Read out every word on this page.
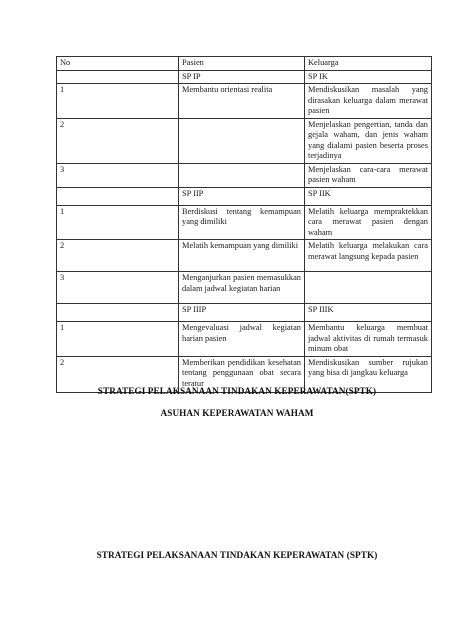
No	Pasien	Keluarga
	SP IP	SP IK
1	Membantu orientasi realita	Mendiskusikan masalah yang dirasakan keluarga dalam merawat pasien
2		Menjelaskan pengertian, tanda dan gejala waham, dan jenis waham yang dialami pasien beserta proses terjadinya
3		Menjelaskan cara-cara merawat pasien waham
	SP IIP	SP IIK
1	Berdiskusi tentang kemampuan yang dimiliki	Melatih keluarga mempraktekkan cara merawat pasien dengan waham
2	Melatih kemampuan yang dimiliki	Melatih keluarga melakukan cara merawat langsung kepada pasien
3	Menganjurkan pasien memasukkan dalam jadwal kegiatan harian	
	SP IIIP	SP IIIK
1	Mengevaluasi jadwal kegiatan harian pasien	Membantu keluarga membuat jadwal aktivitas di rumah termasuk minum obat
2	Memberikan pendidikan kesehatan tentang penggunaan obat secara teratur	Mendiskusikan sumber rujukan yang bisa di jangkau keluarga
STRATEGI PELAKSANAAN TINDAKAN KEPERAWATAN(SPTK)
ASUHAN KEPERAWATAN WAHAM
STRATEGI PELAKSANAAN TINDAKAN KEPERAWATAN (SPTK)
